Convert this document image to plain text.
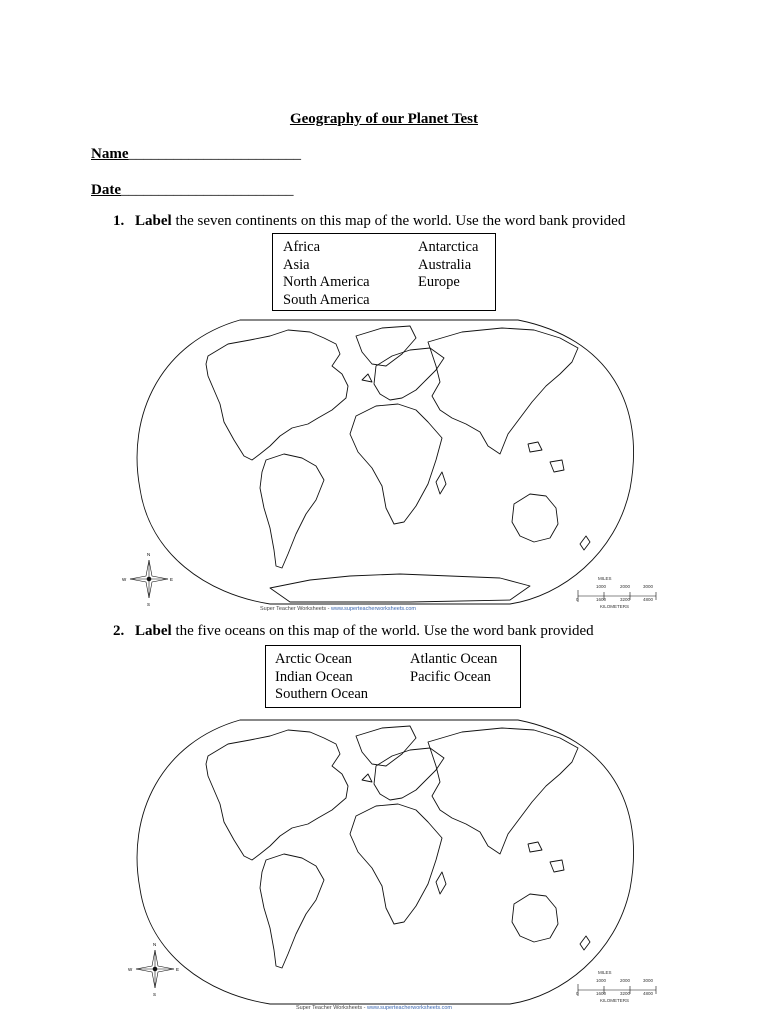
Geography of our Planet Test
Name_______________________
Date_______________________
1. Label the seven continents on this map of the world. Use the word bank provided
Africa	Antarctica
Asia	Australia
North America	Europe
South America
N
S
E
W	MILES
1000	2000	3000
0	1600	3200	4800
KILOMETERS
Super Teacher Worksheets - www.superteacherworksheets.com
2. Label the five oceans on this map of the world. Use the word bank provided
Arctic Ocean	Atlantic Ocean
Indian Ocean	Pacific Ocean
Southern Ocean
N
S
E
W
MILES
1000	2000	3000
0	1600	3200	4800
KILOMETERS
Super Teacher Worksheets - www.superteacherworksheets.com
